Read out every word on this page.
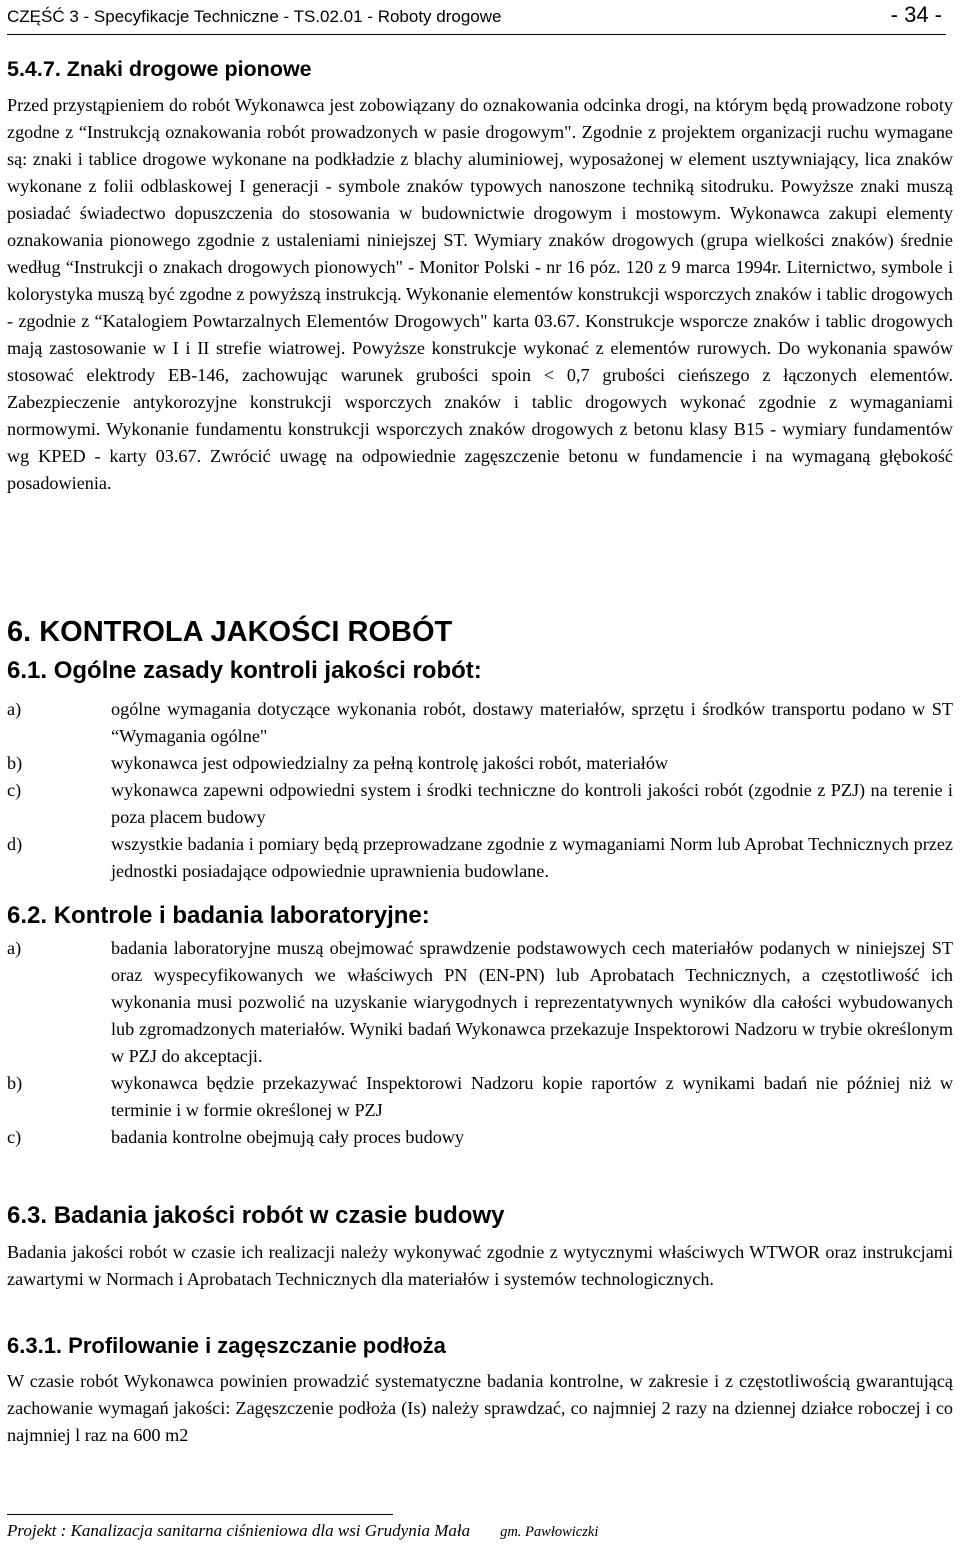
CZĘŚĆ 3 - Specyfikacje Techniczne - TS.02.01 - Roboty drogowe	- 34 -
5.4.7. Znaki drogowe pionowe

Przed przystąpieniem do robót Wykonawca jest zobowiązany do oznakowania odcinka drogi, na którym będą prowadzone roboty zgodne z “Instrukcją oznakowania robót prowadzonych w pasie drogowym". Zgodnie z projektem organizacji ruchu wymagane są: znaki i tablice drogowe wykonane na podkładzie z blachy aluminiowej, wyposażonej w element usztywniający, lica znaków wykonane z folii odblaskowej I generacji - symbole znaków typowych nanoszone techniką sitodruku. Powyższe znaki muszą posiadać świadectwo dopuszczenia do stosowania w budownictwie drogowym i mostowym. Wykonawca zakupi elementy oznakowania pionowego zgodnie z ustaleniami niniejszej ST. Wymiary znaków drogowych (grupa wielkości znaków) średnie według “Instrukcji o znakach drogowych pionowych" - Monitor Polski - nr 16 póz. 120 z 9 marca 1994r. Liternictwo, symbole i kolorystyka muszą być zgodne z powyższą instrukcją. Wykonanie elementów konstrukcji wsporczych znaków i tablic drogowych - zgodnie z “Katalogiem Powtarzalnych Elementów Drogowych" karta 03.67. Konstrukcje wsporcze znaków i tablic drogowych mają zastosowanie w I i II strefie wiatrowej. Powyższe konstrukcje wykonać z elementów rurowych. Do wykonania spawów stosować elektrody EB-146, zachowując warunek grubości spoin < 0,7 grubości cieńszego z łączonych elementów. Zabezpieczenie antykorozyjne konstrukcji wsporczych znaków i tablic drogowych wykonać zgodnie z wymaganiami normowymi. Wykonanie fundamentu konstrukcji wsporczych znaków drogowych z betonu klasy B15 - wymiary fundamentów wg KPED - karty 03.67. Zwrócić uwagę na odpowiednie zagęszczenie betonu w fundamencie i na wymaganą głębokość posadowienia.

6. KONTROLA JAKOŚCI ROBÓT
6.1. Ogólne zasady kontroli jakości robót:
a)	ogólne wymagania dotyczące wykonania robót, dostawy materiałów, sprzętu i środków transportu podano w ST “Wymagania ogólne"
b)	wykonawca jest odpowiedzialny za pełną kontrolę jakości robót, materiałów
c)	wykonawca zapewni odpowiedni system i środki techniczne do kontroli jakości robót (zgodnie z PZJ) na terenie i poza placem budowy
d)	wszystkie badania i pomiary będą przeprowadzane zgodnie z wymaganiami Norm lub Aprobat Technicznych przez jednostki posiadające odpowiednie uprawnienia budowlane.
6.2. Kontrole i badania laboratoryjne:
a)	badania laboratoryjne muszą obejmować sprawdzenie podstawowych cech materiałów podanych w niniejszej ST oraz wyspecyfikowanych we właściwych PN (EN-PN) lub Aprobatach Technicznych, a częstotliwość ich wykonania musi pozwolić na uzyskanie wiarygodnych i reprezentatywnych wyników dla całości wybudowanych lub zgromadzonych materiałów. Wyniki badań Wykonawca przekazuje Inspektorowi Nadzoru w trybie określonym w PZJ do akceptacji.
b)	wykonawca będzie przekazywać Inspektorowi Nadzoru kopie raportów z wynikami badań nie później niż w terminie i w formie określonej w PZJ
c)	badania kontrolne obejmują cały proces budowy
6.3. Badania jakości robót w czasie budowy

Badania jakości robót w czasie ich realizacji należy wykonywać zgodnie z wytycznymi właściwych WTWOR oraz instrukcjami zawartymi w Normach i Aprobatach Technicznych dla materiałów i systemów technologicznych.

6.3.1. Profilowanie i zagęszczanie podłoża

W czasie robót Wykonawca powinien prowadzić systematyczne badania kontrolne, w zakresie i z częstotliwością gwarantującą zachowanie wymagań jakości: Zagęszczenie podłoża (Is) należy sprawdzać, co najmniej 2 razy na dziennej działce roboczej i co najmniej l raz na 600 m2

Projekt : Kanalizacja sanitarna ciśnieniowa dla wsi Grudynia Mała gm. Pawłowiczki
